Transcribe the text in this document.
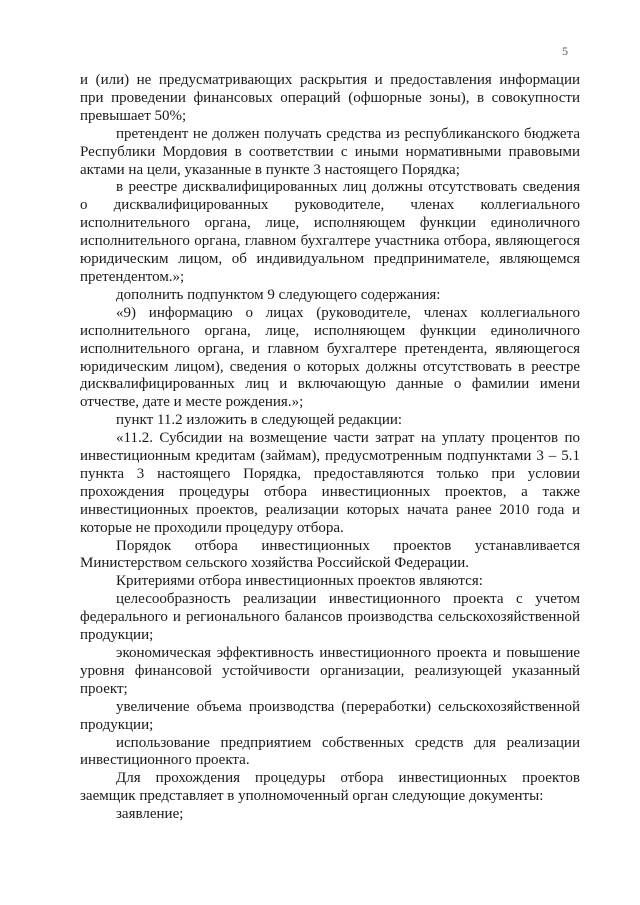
5

и (или) не предусматривающих раскрытия и предоставления информации при проведении финансовых операций (офшорные зоны), в совокупности превышает 50%;

претендент не должен получать средства из республиканского бюджета Республики Мордовия в соответствии с иными нормативными правовыми актами на цели, указанные в пункте 3 настоящего Порядка;

в реестре дисквалифицированных лиц должны отсутствовать сведения о дисквалифицированных руководителе, членах коллегиального исполнительного органа, лице, исполняющем функции единоличного исполнительного органа, главном бухгалтере участника отбора, являющегося юридическим лицом, об индивидуальном предпринимателе, являющемся претендентом.»;

дополнить подпунктом 9 следующего содержания:

«9) информацию о лицах (руководителе, членах коллегиального исполнительного органа, лице, исполняющем функции единоличного исполнительного органа, и главном бухгалтере претендента, являющегося юридическим лицом), сведения о которых должны отсутствовать в реестре дисквалифицированных лиц и включающую данные о фамилии имени отчестве, дате и месте рождения.»;

пункт 11.2 изложить в следующей редакции:

«11.2. Субсидии на возмещение части затрат на уплату процентов по инвестиционным кредитам (займам), предусмотренным подпунктами 3 – 5.1 пункта 3 настоящего Порядка, предоставляются только при условии прохождения процедуры отбора инвестиционных проектов, а также инвестиционных проектов, реализации которых начата ранее 2010 года и которые не проходили процедуру отбора.

Порядок отбора инвестиционных проектов устанавливается Министерством сельского хозяйства Российской Федерации.

Критериями отбора инвестиционных проектов являются:

целесообразность реализации инвестиционного проекта с учетом федерального и регионального балансов производства сельскохозяйственной продукции;

экономическая эффективность инвестиционного проекта и повышение уровня финансовой устойчивости организации, реализующей указанный проект;

увеличение объема производства (переработки) сельскохозяйственной продукции;

использование предприятием собственных средств для реализации инвестиционного проекта.

Для прохождения процедуры отбора инвестиционных проектов заемщик представляет в уполномоченный орган следующие документы:

заявление;
